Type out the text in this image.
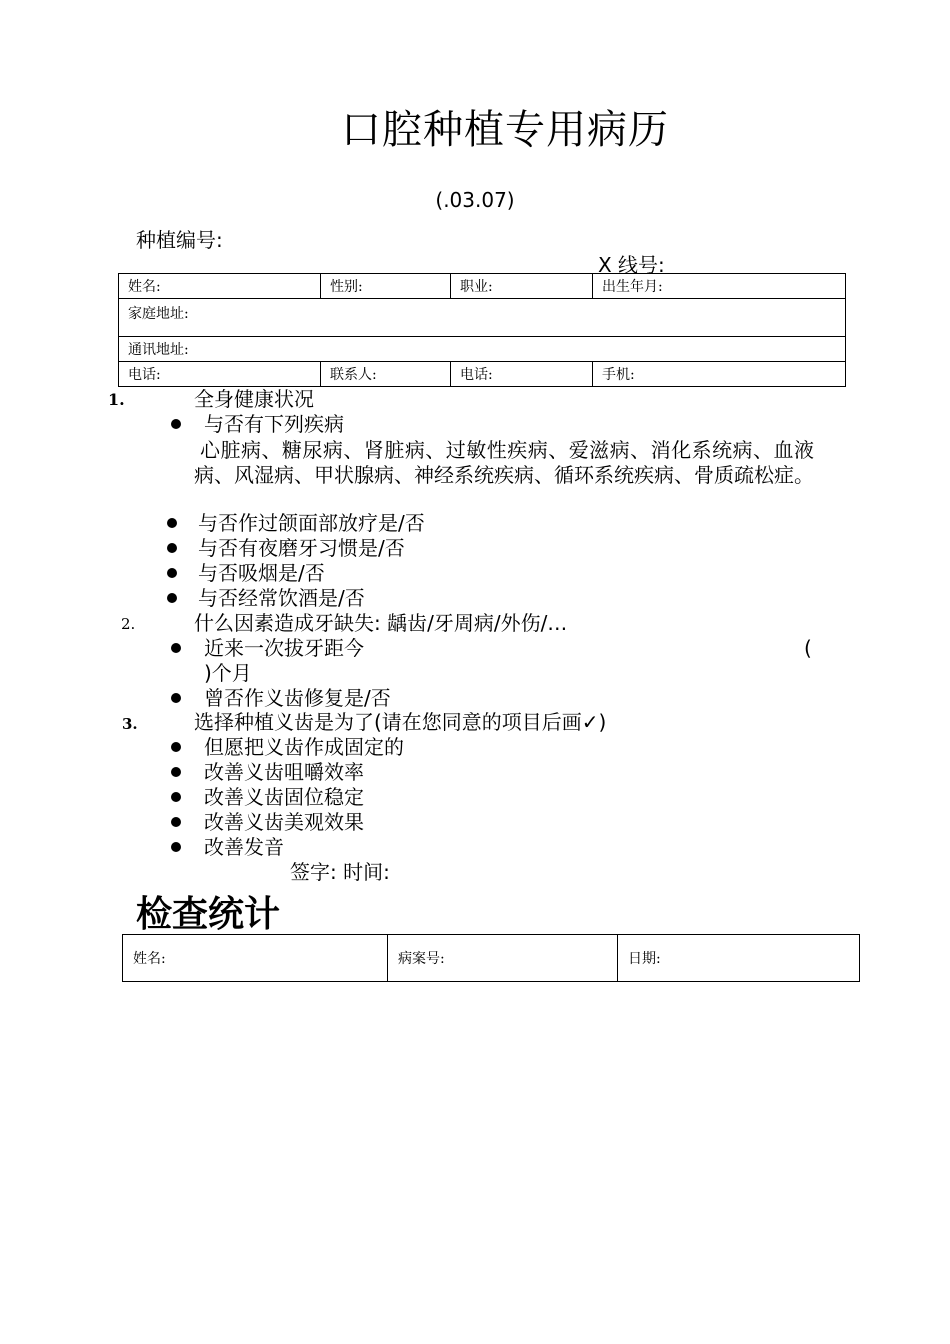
口腔种植专用病历
(.03.07)
种植编号:
X 线号:
姓名:	性别:	职业:	出生年月:
家庭地址:			
通讯地址:			
电话:	联系人:	电话:	手机:
1.	全身健康状况
与否有下列疾病
心脏病、糖尿病、肾脏病、过敏性疾病、爱滋病、消化系统病、血液病、风湿病、甲状腺病、神经系统疾病、循环系统疾病、骨质疏松症。
与否作过颌面部放疗是/否
与否有夜磨牙习惯是/否
与否吸烟是/否
与否经常饮酒是/否
2.	什么因素造成牙缺失: 龋齿/牙周病/外伤/…
近来一次拔牙距今	(
)个月
曾否作义齿修复是/否
3.	选择种植义齿是为了(请在您同意的项目后画✓)
但愿把义齿作成固定的
改善义齿咀嚼效率
改善义齿固位稳定
改善义齿美观效果
改善发音
签字: 时间:
检查统计
姓名:	病案号:	日期:
